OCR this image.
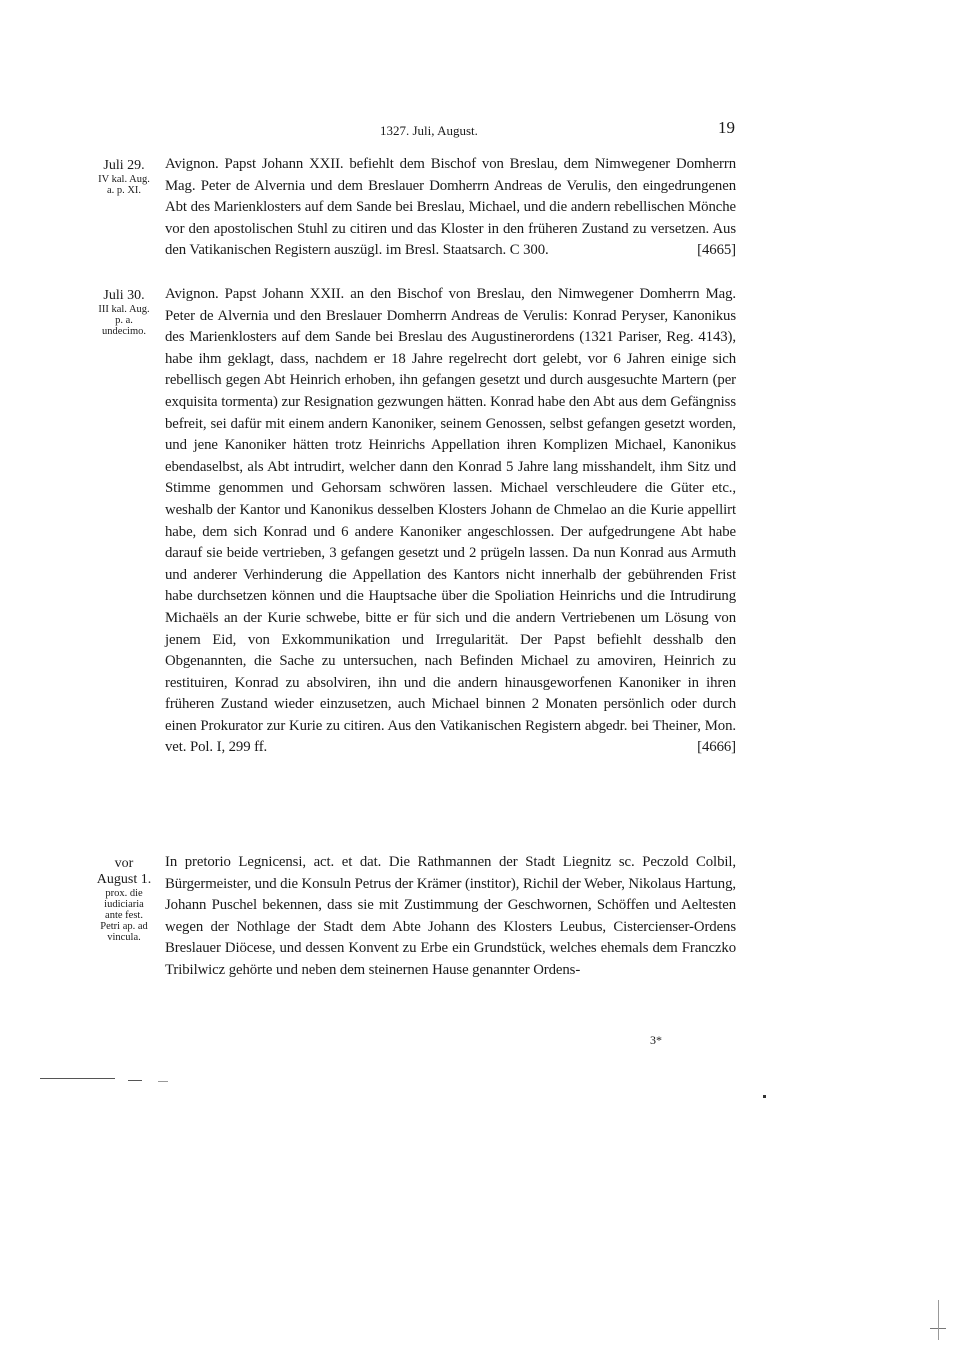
1327. Juli, August.	19
Juli 29.
IV kal. Aug.
a. p. XI.

Avignon. Papst Johann XXII. befiehlt dem Bischof von Breslau, dem Nimwegener Domherrn Mag. Peter de Alvernia und dem Breslauer Domherrn Andreas de Verulis, den eingedrungenen Abt des Marienklosters auf dem Sande bei Breslau, Michael, und die andern rebellischen Mönche vor den apostolischen Stuhl zu citiren und das Kloster in den früheren Zustand zu versetzen. Aus den Vatikanischen Registern auszügl. im Bresl. Staatsarch. C 300.	[4665]

Juli 30.
III kal. Aug.
p. a.
undecimo.

Avignon. Papst Johann XXII. an den Bischof von Breslau, den Nimwegener Domherrn Mag. Peter de Alvernia und den Breslauer Domherrn Andreas de Verulis: Konrad Peryser, Kanonikus des Marienklosters auf dem Sande bei Breslau des Augustinerordens (1321 Pariser, Reg. 4143), habe ihm geklagt, dass, nachdem er 18 Jahre regelrecht dort gelebt, vor 6 Jahren einige sich rebellisch gegen Abt Heinrich erhoben, ihn gefangen gesetzt und durch ausgesuchte Martern (per exquisita tormenta) zur Resignation gezwungen hätten. Konrad habe den Abt aus dem Gefängniss befreit, sei dafür mit einem andern Kanoniker, seinem Genossen, selbst gefangen gesetzt worden, und jene Kanoniker hätten trotz Heinrichs Appellation ihren Komplizen Michael, Kanonikus ebendaselbst, als Abt intrudirt, welcher dann den Konrad 5 Jahre lang misshandelt, ihm Sitz und Stimme genommen und Gehorsam schwören lassen. Michael verschleudere die Güter etc., weshalb der Kantor und Kanonikus desselben Klosters Johann de Chmelao an die Kurie appellirt habe, dem sich Konrad und 6 andere Kanoniker angeschlossen. Der aufgedrungene Abt habe darauf sie beide vertrieben, 3 gefangen gesetzt und 2 prügeln lassen. Da nun Konrad aus Armuth und anderer Verhinderung die Appellation des Kantors nicht innerhalb der gebührenden Frist habe durchsetzen können und die Hauptsache über die Spoliation Heinrichs und die Intrudirung Michaëls an der Kurie schwebe, bitte er für sich und die andern Vertriebenen um Lösung von jenem Eid, von Exkommunikation und Irregularität. Der Papst befiehlt desshalb den Obgenannten, die Sache zu untersuchen, nach Befinden Michael zu amoviren, Heinrich zu restituiren, Konrad zu absolviren, ihn und die andern hinausgeworfenen Kanoniker in ihren früheren Zustand wieder einzusetzen, auch Michael binnen 2 Monaten persönlich oder durch einen Prokurator zur Kurie zu citiren. Aus den Vatikanischen Registern abgedr. bei Theiner, Mon. vet. Pol. I, 299 ff.	[4666]

vor
August 1.
prox. die
iudiciaria
ante fest.
Petri ap. ad
vincula.

In pretorio Legnicensi, act. et dat. Die Rathmannen der Stadt Liegnitz sc. Peczold Colbil, Bürgermeister, und die Konsuln Petrus der Krämer (institor), Richil der Weber, Nikolaus Hartung, Johann Puschel bekennen, dass sie mit Zustimmung der Geschwornen, Schöffen und Aeltesten wegen der Nothlage der Stadt dem Abte Johann des Klosters Leubus, Cistercienser-Ordens Breslauer Diöcese, und dessen Konvent zu Erbe ein Grundstück, welches ehemals dem Franczko Tribilwicz gehörte und neben dem steinernen Hause genannter Ordens-

3*
